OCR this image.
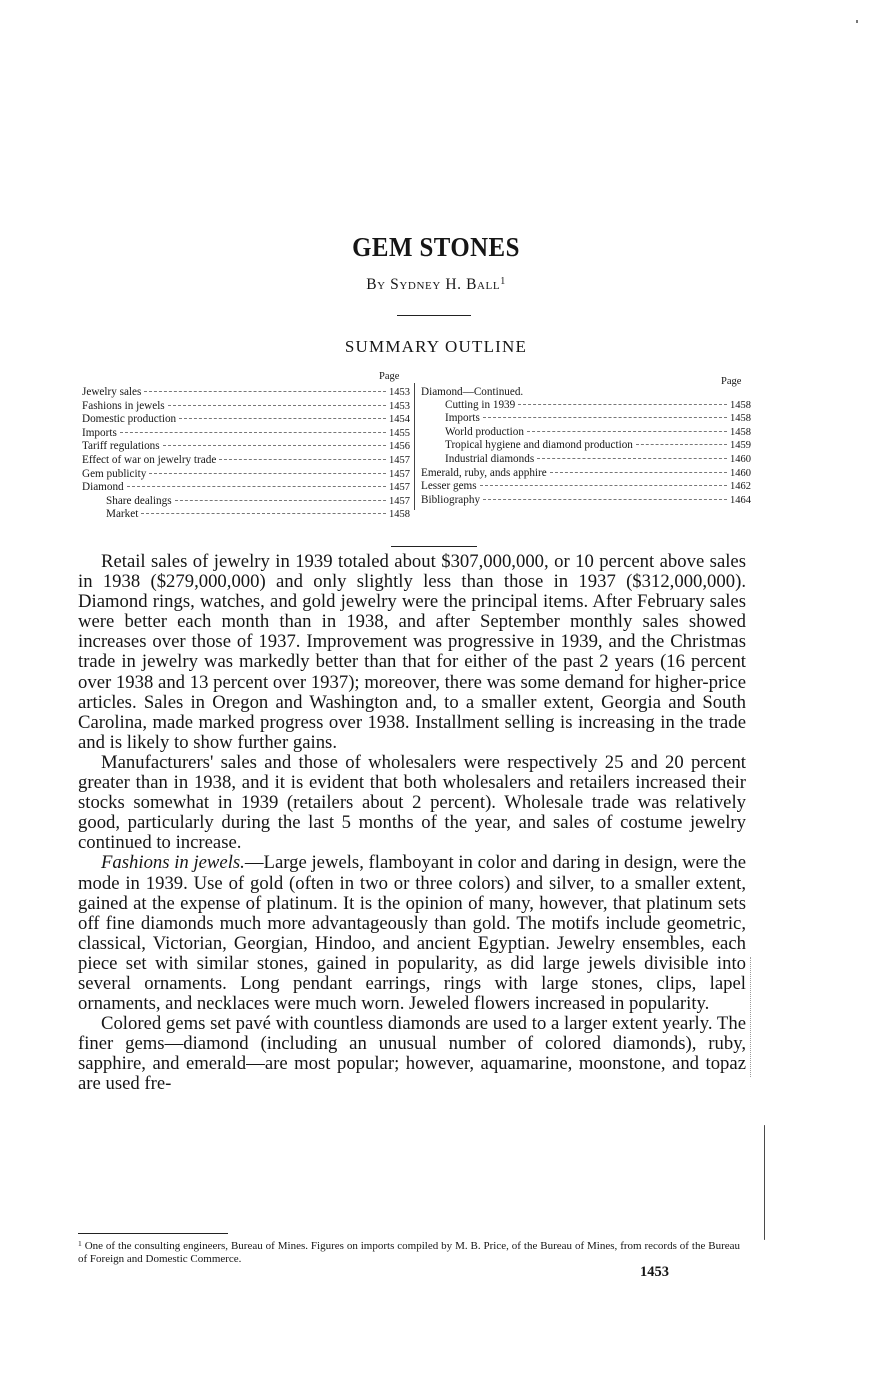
GEM STONES
By Sydney H. Ball$^1$
SUMMARY OUTLINE
Page	Page
Jewelry sales	1453
Fashions in jewels	1453
Domestic production	1454
Imports	1455
Tariff regulations	1456
Effect of war on jewelry trade	1457
Gem publicity	1457
Diamond	1457
Share dealings	1457
Market	1458
Diamond—Continued.
Cutting in 1939	1458
Imports	1458
World production	1458
Tropical hygiene and diamond production	1459
Industrial diamonds	1460
Emerald, ruby, ands apphire	1460
Lesser gems	1462
Bibliography	1464

Retail sales of jewelry in 1939 totaled about $307,000,000, or 10 percent above sales in 1938 ($279,000,000) and only slightly less than those in 1937 ($312,000,000). Diamond rings, watches, and gold jewelry were the principal items. After February sales were better each month than in 1938, and after September monthly sales showed increases over those of 1937. Improvement was progressive in 1939, and the Christmas trade in jewelry was markedly better than that for either of the past 2 years (16 percent over 1938 and 13 percent over 1937); moreover, there was some demand for higher-price articles. Sales in Oregon and Washington and, to a smaller extent, Georgia and South Carolina, made marked progress over 1938. Installment selling is increasing in the trade and is likely to show further gains.

Manufacturers' sales and those of wholesalers were respectively 25 and 20 percent greater than in 1938, and it is evident that both wholesalers and retailers increased their stocks somewhat in 1939 (retailers about 2 percent). Wholesale trade was relatively good, particularly during the last 5 months of the year, and sales of costume jewelry continued to increase.

Fashions in jewels.—Large jewels, flamboyant in color and daring in design, were the mode in 1939. Use of gold (often in two or three colors) and silver, to a smaller extent, gained at the expense of platinum. It is the opinion of many, however, that platinum sets off fine diamonds much more advantageously than gold. The motifs include geometric, classical, Victorian, Georgian, Hindoo, and ancient Egyptian. Jewelry ensembles, each piece set with similar stones, gained in popularity, as did large jewels divisible into several ornaments. Long pendant earrings, rings with large stones, clips, lapel ornaments, and necklaces were much worn. Jeweled flowers increased in popularity.

Colored gems set pavé with countless diamonds are used to a larger extent yearly. The finer gems—diamond (including an unusual number of colored diamonds), ruby, sapphire, and emerald—are most popular; however, aquamarine, moonstone, and topaz are used fre-

$^1$ One of the consulting engineers, Bureau of Mines. Figures on imports compiled by M. B. Price, of the Bureau of Mines, from records of the Bureau of Foreign and Domestic Commerce.
1453
